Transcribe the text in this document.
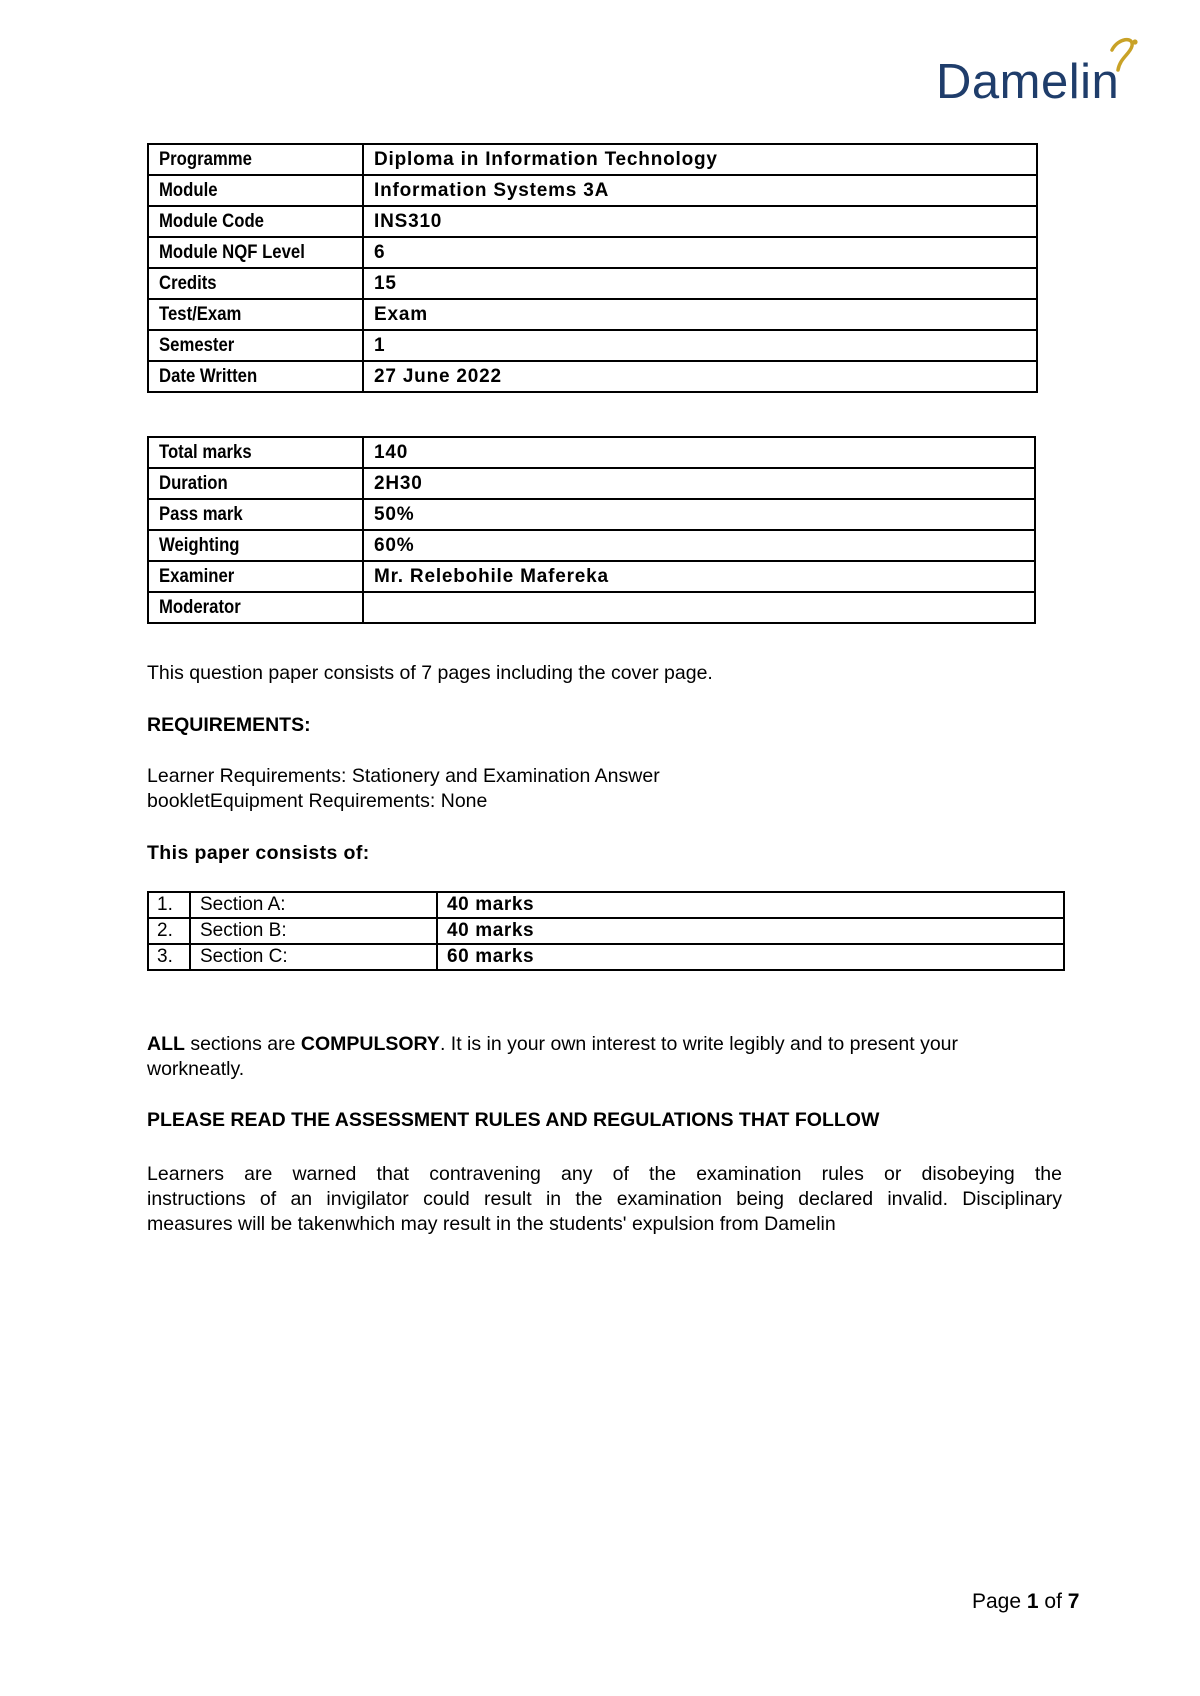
Damelin
Programme	Diploma in Information Technology
Module	Information Systems 3A
Module Code	INS310
Module NQF Level	6
Credits	15
Test/Exam	Exam
Semester	1
Date Written	27 June 2022
Total marks	140
Duration	2H30
Pass mark	50%
Weighting	60%
Examiner	Mr. Relebohile Mafereka
Moderator	
This question paper consists of 7 pages including the cover page.
REQUIREMENTS:
Learner Requirements: Stationery and Examination Answer
bookletEquipment Requirements: None
This paper consists of:
1.	Section A:	40 marks
2.	Section B:	40 marks
3.	Section C:	60 marks
ALL sections are COMPULSORY. It is in your own interest to write legibly and to present your
workneatly.
PLEASE READ THE ASSESSMENT RULES AND REGULATIONS THAT FOLLOW
Learners are warned that contravening any of the examination rules or disobeying the
instructions of an invigilator could result in the examination being declared invalid. Disciplinary
measures will be takenwhich may result in the students' expulsion from Damelin
Page 1 of 7
